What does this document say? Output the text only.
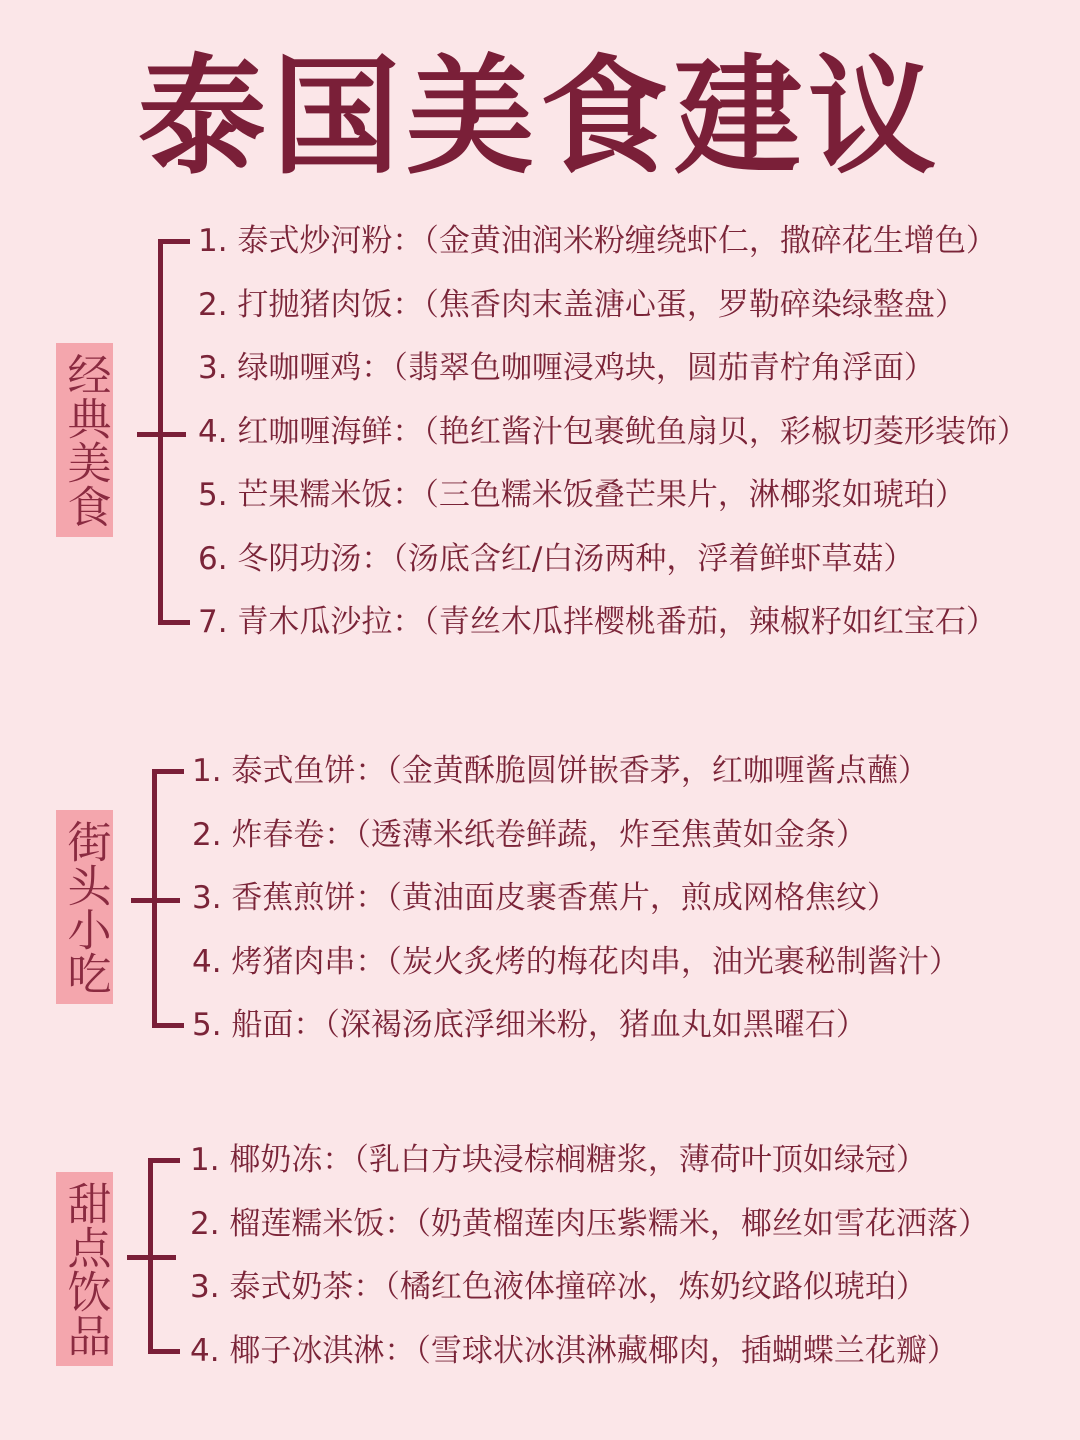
泰国美食建议
经典美食
1. 泰式炒河粉：（金黄油润米粉缠绕虾仁，撒碎花生增色）
2. 打抛猪肉饭：（焦香肉末盖溏心蛋，罗勒碎染绿整盘）
3. 绿咖喱鸡：（翡翠色咖喱浸鸡块，圆茄青柠角浮面）
4. 红咖喱海鲜：（艳红酱汁包裹鱿鱼扇贝，彩椒切菱形装饰）
5. 芒果糯米饭：（三色糯米饭叠芒果片，淋椰浆如琥珀）
6. 冬阴功汤：（汤底含红/白汤两种，浮着鲜虾草菇）
7. 青木瓜沙拉：（青丝木瓜拌樱桃番茄，辣椒籽如红宝石）
街头小吃
1. 泰式鱼饼：（金黄酥脆圆饼嵌香茅，红咖喱酱点蘸）
2. 炸春卷：（透薄米纸卷鲜蔬，炸至焦黄如金条）
3. 香蕉煎饼：（黄油面皮裹香蕉片，煎成网格焦纹）
4. 烤猪肉串：（炭火炙烤的梅花肉串，油光裹秘制酱汁）
5. 船面：（深褐汤底浮细米粉，猪血丸如黑曜石）
甜点饮品
1. 椰奶冻：（乳白方块浸棕榈糖浆，薄荷叶顶如绿冠）
2. 榴莲糯米饭：（奶黄榴莲肉压紫糯米，椰丝如雪花洒落）
3. 泰式奶茶：（橘红色液体撞碎冰，炼奶纹路似琥珀）
4. 椰子冰淇淋：（雪球状冰淇淋藏椰肉，插蝴蝶兰花瓣）
